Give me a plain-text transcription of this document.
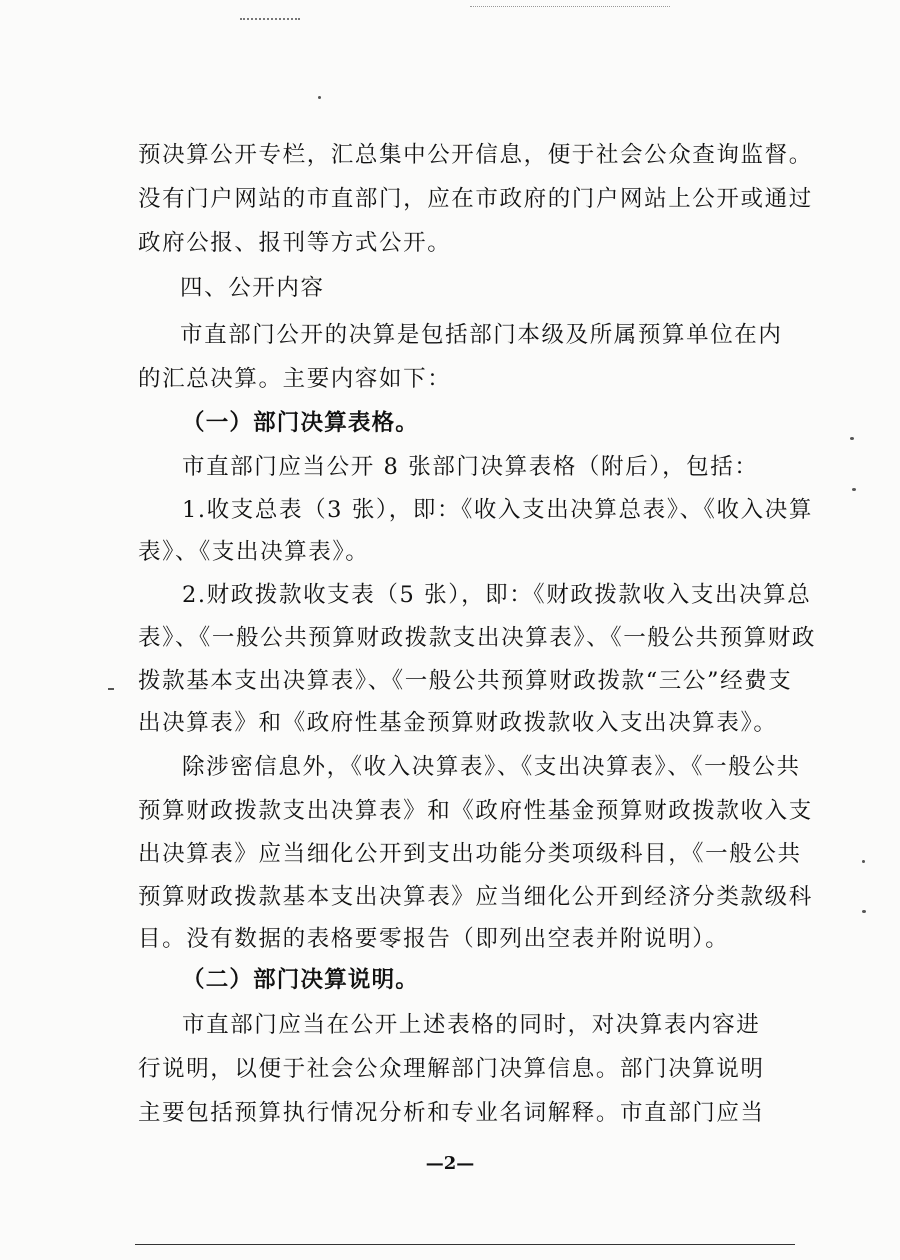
预决算公开专栏，汇总集中公开信息，便于社会公众查询监督。
没有门户网站的市直部门，应在市政府的门户网站上公开或通过
政府公报、报刊等方式公开。
四、公开内容
市直部门公开的决算是包括部门本级及所属预算单位在内
的汇总决算。主要内容如下：
（一）部门决算表格。
市直部门应当公开 8 张部门决算表格（附后），包括：
1.收支总表（3 张），即：《收入支出决算总表》、《收入决算
表》、《支出决算表》。
2.财政拨款收支表（5 张），即：《财政拨款收入支出决算总
表》、《一般公共预算财政拨款支出决算表》、《一般公共预算财政
拨款基本支出决算表》、《一般公共预算财政拨款“三公”经费支
出决算表》和《政府性基金预算财政拨款收入支出决算表》。
除涉密信息外，《收入决算表》、《支出决算表》、《一般公共
预算财政拨款支出决算表》和《政府性基金预算财政拨款收入支
出决算表》应当细化公开到支出功能分类项级科目，《一般公共
预算财政拨款基本支出决算表》应当细化公开到经济分类款级科
目。没有数据的表格要零报告（即列出空表并附说明）。
（二）部门决算说明。
市直部门应当在公开上述表格的同时，对决算表内容进
行说明，以便于社会公众理解部门决算信息。部门决算说明
主要包括预算执行情况分析和专业名词解释。市直部门应当
—2—
